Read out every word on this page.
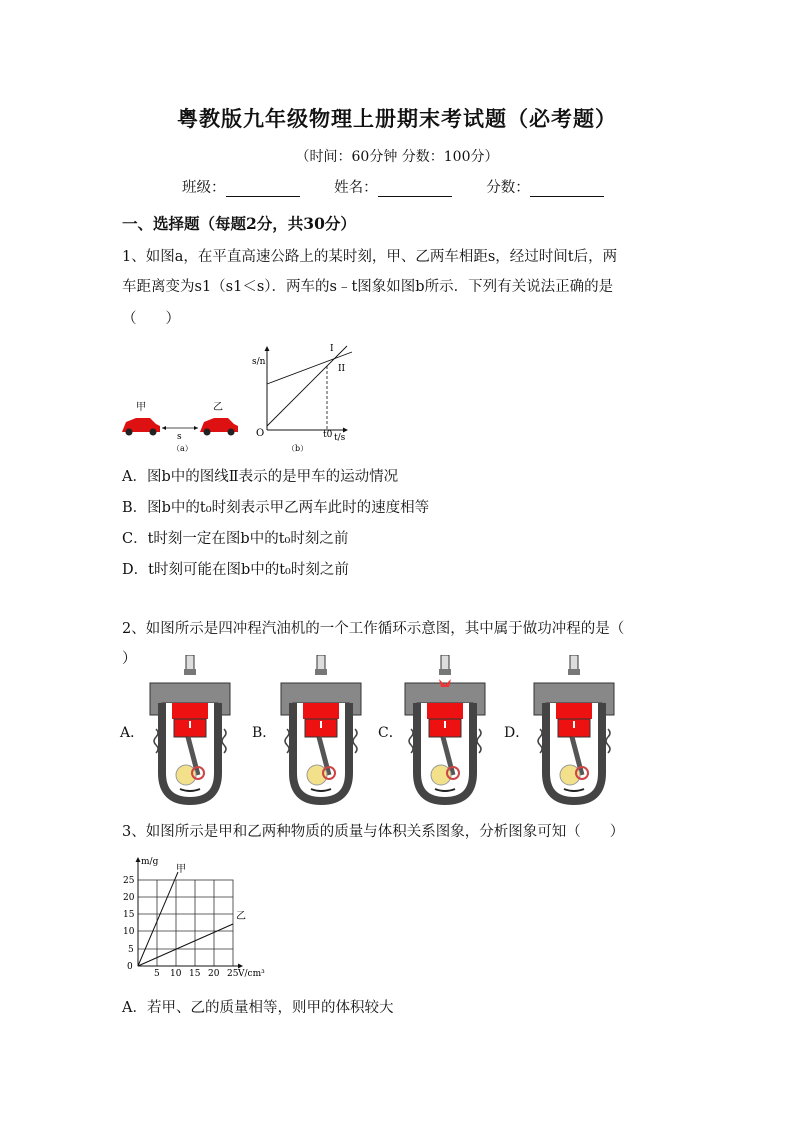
粤教版九年级物理上册期末考试题（必考题）
（时间：60分钟 分数：100分）
班级：	姓名：	分数：
一、选择题（每题2分，共30分）
1、如图a，在平直高速公路上的某时刻，甲、乙两车相距s，经过时间t后，两
车距离变为s1（s1＜s）．两车的s﹣t图象如图b所示．下列有关说法正确的是
（　　）
甲	乙
s
（a）
s/n
t/s
O	t0
I
II
（b）
A．图b中的图线Ⅱ表示的是甲车的运动情况
B．图b中的t₀时刻表示甲乙两车此时的速度相等
C．t时刻一定在图b中的t₀时刻之前
D．t时刻可能在图b中的t₀时刻之前
2、如图所示是四冲程汽油机的一个工作循环示意图，其中属于做功冲程的是（
）
A．	B．	C．	D．
3、如图所示是甲和乙两种物质的质量与体积关系图象，分析图象可知（　　）
m/g
V/cm³
甲
乙
0
25
20
15
10
5
5 10 15 20 25
A．若甲、乙的质量相等，则甲的体积较大
